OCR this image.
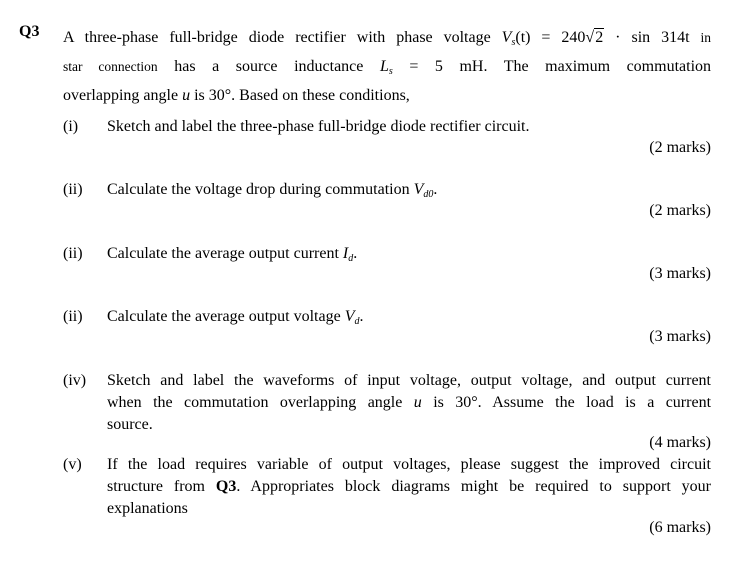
Q3 A three-phase full-bridge diode rectifier with phase voltage $V_s(t) = 240√2 \cdot \sin 314t$ in
star connection has a source inductance $L_s = 5$ mH. The maximum commutation
overlapping angle u is 30°. Based on these conditions,
(i) Sketch and label the three-phase full-bridge diode rectifier circuit.
(2 marks)
(ii) Calculate the voltage drop during commutation $V_{d0}$.
(2 marks)
(ii) Calculate the average output current $I_d$.
(3 marks)
(ii) Calculate the average output voltage $V_d$.
(3 marks)
(iv) Sketch and label the waveforms of input voltage, output voltage, and output current
when the commutation overlapping angle u is 30°. Assume the load is a current
source.
(4 marks)
(v) If the load requires variable of output voltages, please suggest the improved circuit
structure from Q3. Appropriates block diagrams might be required to support your
explanations
(6 marks)
